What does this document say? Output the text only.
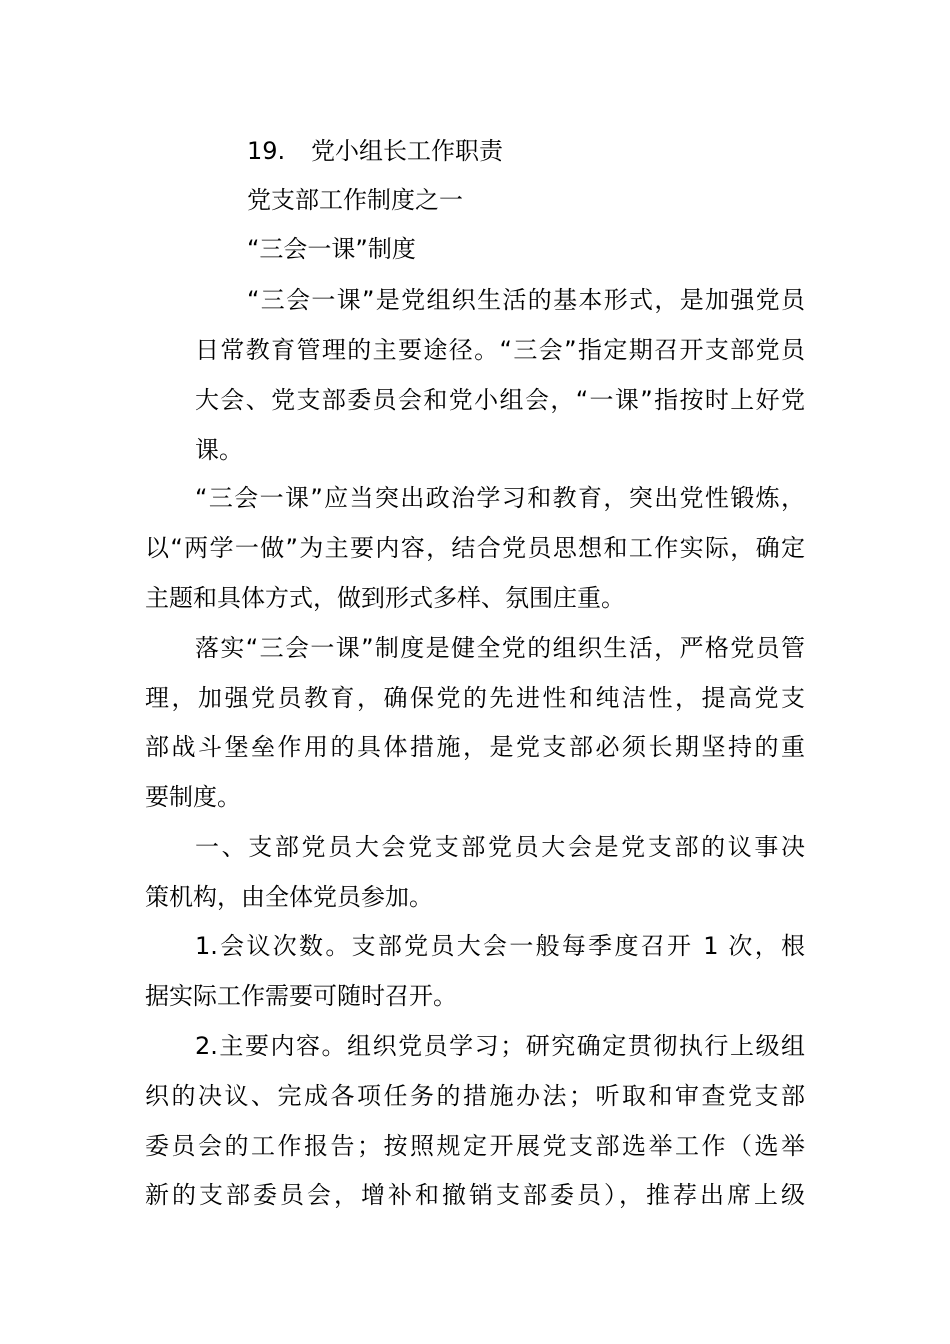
19. 党小组长工作职责
党支部工作制度之一
“三会一课”制度
“三会一课”是党组织生活的基本形式，是加强党员
日常教育管理的主要途径。“三会”指定期召开支部党员
大会、党支部委员会和党小组会，“一课”指按时上好党
课。
“三会一课”应当突出政治学习和教育，突出党性锻炼，
以“两学一做”为主要内容，结合党员思想和工作实际，确定
主题和具体方式，做到形式多样、氛围庄重。
落实“三会一课”制度是健全党的组织生活，严格党员管
理，加强党员教育，确保党的先进性和纯洁性，提高党支
部战斗堡垒作用的具体措施，是党支部必须长期坚持的重
要制度。
一、支部党员大会党支部党员大会是党支部的议事决
策机构，由全体党员参加。
1.会议次数。支部党员大会一般每季度召开 1 次，根
据实际工作需要可随时召开。
2.主要内容。组织党员学习；研究确定贯彻执行上级组
织的决议、完成各项任务的措施办法；听取和审查党支部
委员会的工作报告；按照规定开展党支部选举工作（选举
新的支部委员会，增补和撤销支部委员），推荐出席上级
